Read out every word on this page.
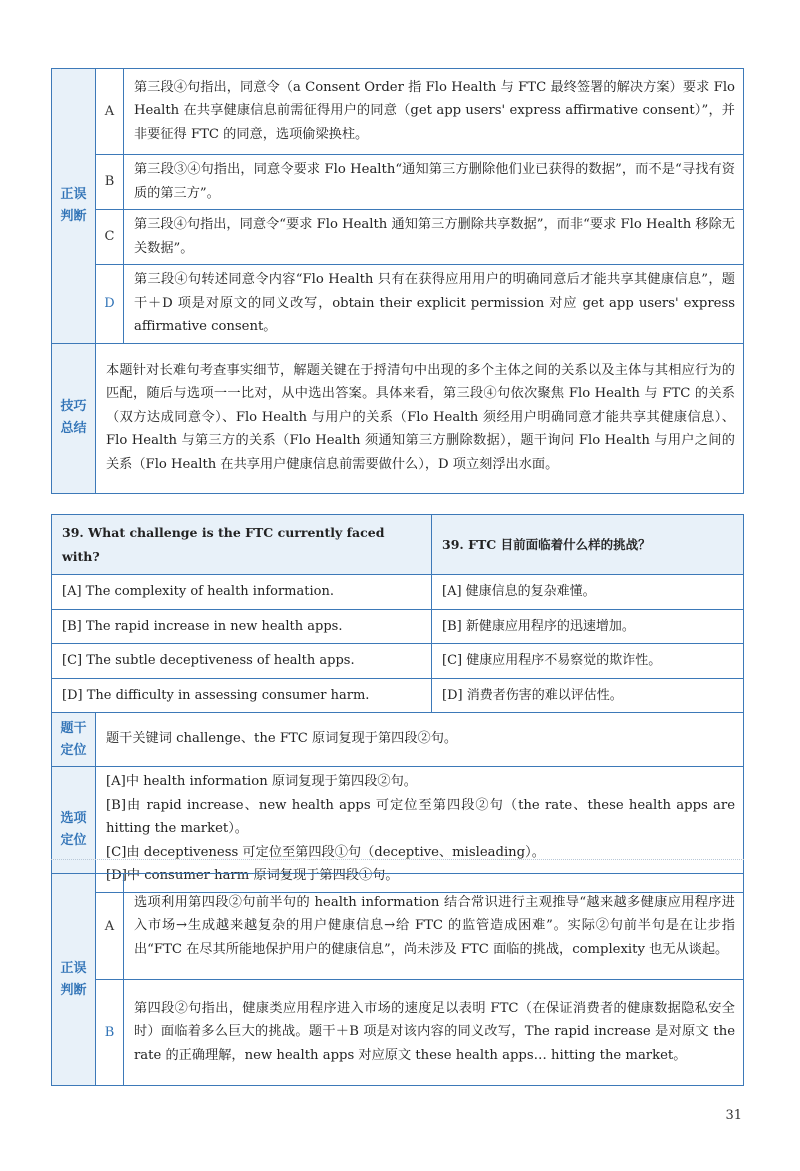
正误判断	A	第三段④句指出，同意令（a Consent Order 指 Flo Health 与 FTC 最终签署的解决方案）要求 Flo Health 在共享健康信息前需征得用户的同意（get app users' express affirmative consent）”，并非要征得 FTC 的同意，选项偷梁换柱。
	B	第三段③④句指出，同意令要求 Flo Health“通知第三方删除他们业已获得的数据”，而不是“寻找有资质的第三方”。
	C	第三段④句指出，同意令“要求 Flo Health 通知第三方删除共享数据”，而非“要求 Flo Health 移除无关数据”。
	D	第三段④句转述同意令内容“Flo Health 只有在获得应用用户的明确同意后才能共享其健康信息”，题干＋D 项是对原文的同义改写，obtain their explicit permission 对应 get app users' express affirmative consent。
技巧总结	本题针对长难句考查事实细节，解题关键在于捋清句中出现的多个主体之间的关系以及主体与其相应行为的匹配，随后与选项一一比对，从中选出答案。具体来看，第三段④句依次聚焦 Flo Health 与 FTC 的关系（双方达成同意令）、Flo Health 与用户的关系（Flo Health 须经用户明确同意才能共享其健康信息）、Flo Health 与第三方的关系（Flo Health 须通知第三方删除数据），题干询问 Flo Health 与用户之间的关系（Flo Health 在共享用户健康信息前需要做什么），D 项立刻浮出水面。	
39. What challenge is the FTC currently faced with?		39. FTC 目前面临着什么样的挑战？
[A] The complexity of health information.		[A] 健康信息的复杂难懂。
[B] The rapid increase in new health apps.		[B] 新健康应用程序的迅速增加。
[C] The subtle deceptiveness of health apps.		[C] 健康应用程序不易察觉的欺诈性。
[D] The difficulty in assessing consumer harm.		[D] 消费者伤害的难以评估性。
题干定位	题干关键词 challenge、the FTC 原词复现于第四段②句。	
选项定位	[A]中 health information 原词复现于第四段②句。

[B]由 rapid increase、new health apps 可定位至第四段②句（the rate、these health apps are hitting the market）。

[C]由 deceptiveness 可定位至第四段①句（deceptive、misleading）。

[D]中 consumer harm 原词复现于第四段①句。	

正误判断	A	选项利用第四段②句前半句的 health information 结合常识进行主观推导“越来越多健康应用程序进入市场→生成越来越复杂的用户健康信息→给 FTC 的监管造成困难”。实际②句前半句是在让步指出“FTC 在尽其所能地保护用户的健康信息”，尚未涉及 FTC 面临的挑战，complexity 也无从谈起。
	B	第四段②句指出，健康类应用程序进入市场的速度足以表明 FTC（在保证消费者的健康数据隐私安全时）面临着多么巨大的挑战。题干＋B 项是对该内容的同义改写，The rapid increase 是对原文 the rate 的正确理解，new health apps 对应原文 these health apps… hitting the market。
31
